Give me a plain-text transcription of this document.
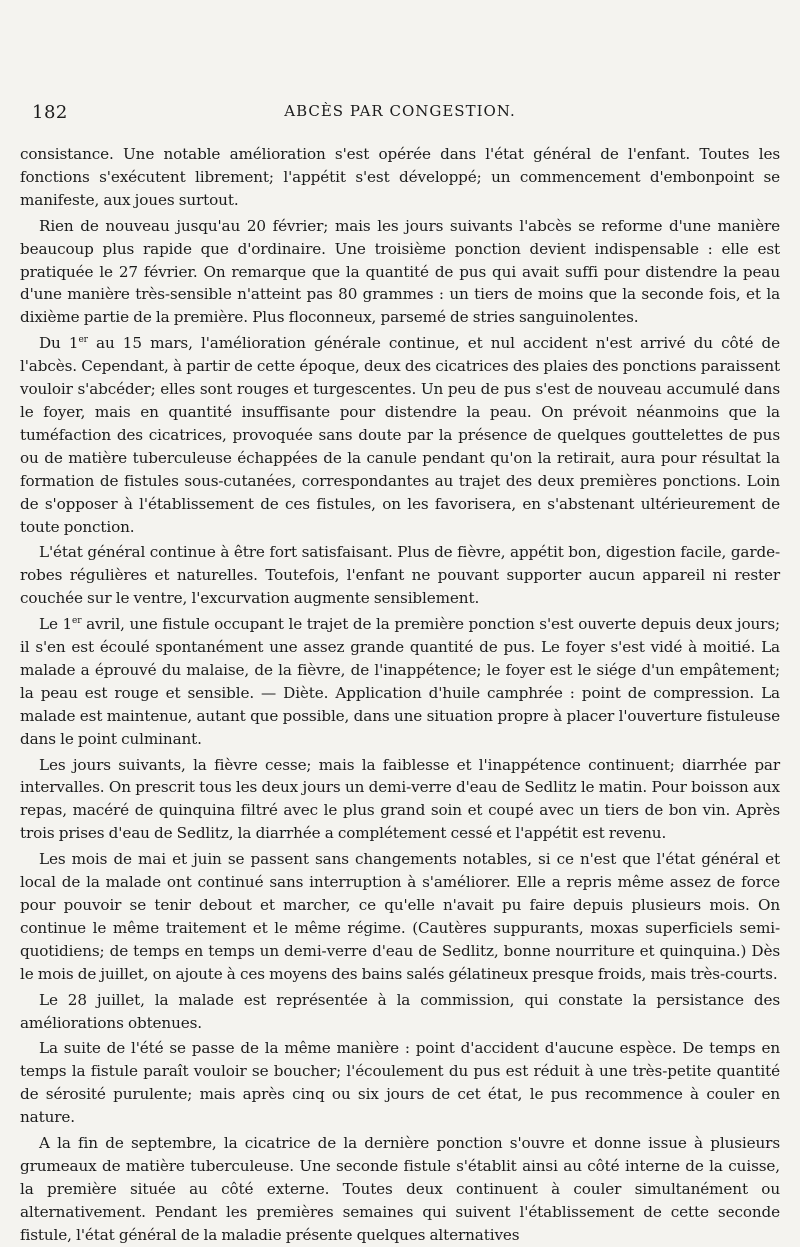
182	ABCÈS PAR CONGESTION.

consistance. Une notable amélioration s'est opérée dans l'état général de l'enfant. Toutes les fonctions s'exécutent librement; l'appétit s'est développé; un commencement d'embonpoint se manifeste, aux joues surtout.

Rien de nouveau jusqu'au 20 février; mais les jours suivants l'abcès se reforme d'une manière beaucoup plus rapide que d'ordinaire. Une troisième ponction devient indispensable : elle est pratiquée le 27 février. On remarque que la quantité de pus qui avait suffi pour distendre la peau d'une manière très-sensible n'atteint pas 80 grammes : un tiers de moins que la seconde fois, et la dixième partie de la première. Plus floconneux, parsemé de stries sanguinolentes.

Du 1er au 15 mars, l'amélioration générale continue, et nul accident n'est arrivé du côté de l'abcès. Cependant, à partir de cette époque, deux des cicatrices des plaies des ponctions paraissent vouloir s'abcéder; elles sont rouges et turgescentes. Un peu de pus s'est de nouveau accumulé dans le foyer, mais en quantité insuffisante pour distendre la peau. On prévoit néanmoins que la tuméfaction des cicatrices, provoquée sans doute par la présence de quelques gouttelettes de pus ou de matière tuberculeuse échappées de la canule pendant qu'on la retirait, aura pour résultat la formation de fistules sous-cutanées, correspondantes au trajet des deux premières ponctions. Loin de s'opposer à l'établissement de ces fistules, on les favorisera, en s'abstenant ultérieurement de toute ponction.

L'état général continue à être fort satisfaisant. Plus de fièvre, appétit bon, digestion facile, garde-robes régulières et naturelles. Toutefois, l'enfant ne pouvant supporter aucun appareil ni rester couchée sur le ventre, l'excurvation augmente sensiblement.

Le 1er avril, une fistule occupant le trajet de la première ponction s'est ouverte depuis deux jours; il s'en est écoulé spontanément une assez grande quantité de pus. Le foyer s'est vidé à moitié. La malade a éprouvé du malaise, de la fièvre, de l'inappétence; le foyer est le siége d'un empâtement; la peau est rouge et sensible. — Diète. Application d'huile camphrée : point de compression. La malade est maintenue, autant que possible, dans une situation propre à placer l'ouverture fistuleuse dans le point culminant.

Les jours suivants, la fièvre cesse; mais la faiblesse et l'inappétence continuent; diarrhée par intervalles. On prescrit tous les deux jours un demi-verre d'eau de Sedlitz le matin. Pour boisson aux repas, macéré de quinquina filtré avec le plus grand soin et coupé avec un tiers de bon vin. Après trois prises d'eau de Sedlitz, la diarrhée a complétement cessé et l'appétit est revenu.

Les mois de mai et juin se passent sans changements notables, si ce n'est que l'état général et local de la malade ont continué sans interruption à s'améliorer. Elle a repris même assez de force pour pouvoir se tenir debout et marcher, ce qu'elle n'avait pu faire depuis plusieurs mois. On continue le même traitement et le même régime. (Cautères suppurants, moxas superficiels semi-quotidiens; de temps en temps un demi-verre d'eau de Sedlitz, bonne nourriture et quinquina.) Dès le mois de juillet, on ajoute à ces moyens des bains salés gélatineux presque froids, mais très-courts.

Le 28 juillet, la malade est représentée à la commission, qui constate la persistance des améliorations obtenues.

La suite de l'été se passe de la même manière : point d'accident d'aucune espèce. De temps en temps la fistule paraît vouloir se boucher; l'écoulement du pus est réduit à une très-petite quantité de sérosité purulente; mais après cinq ou six jours de cet état, le pus recommence à couler en nature.

A la fin de septembre, la cicatrice de la dernière ponction s'ouvre et donne issue à plusieurs grumeaux de matière tuberculeuse. Une seconde fistule s'établit ainsi au côté interne de la cuisse, la première située au côté externe. Toutes deux continuent à couler simultanément ou alternativement. Pendant les premières semaines qui suivent l'établissement de cette seconde fistule, l'état général de la maladie présente quelques alternatives
